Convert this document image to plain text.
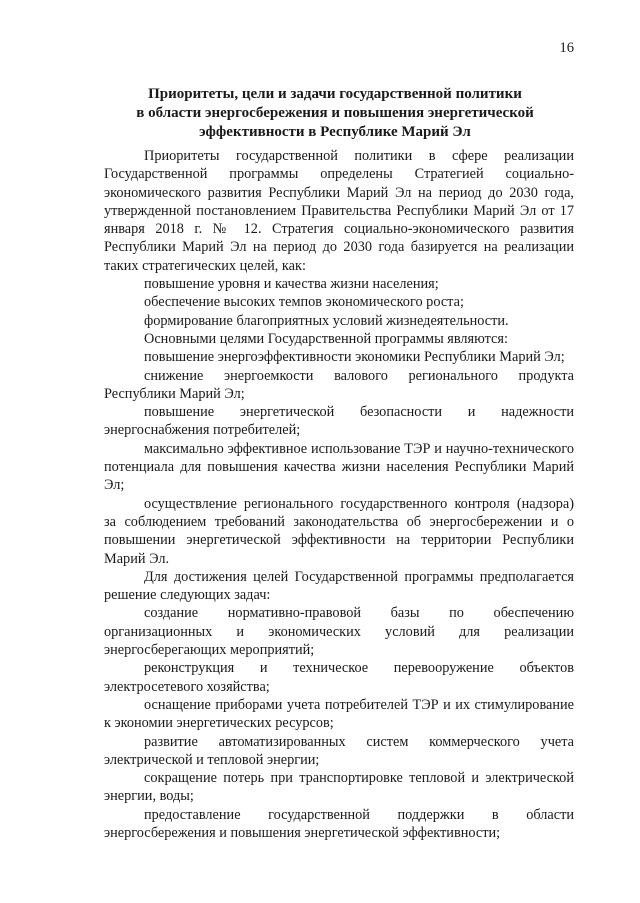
16
Приоритеты, цели и задачи государственной политики
в области энергосбережения и повышения энергетической
эффективности в Республике Марий Эл

Приоритеты государственной политики в сфере реализации Государственной программы определены Стратегией социально-экономического развития Республики Марий Эл на период до 2030 года, утвержденной постановлением Правительства Республики Марий Эл от 17 января 2018 г. № 12. Стратегия социально-экономического развития Республики Марий Эл на период до 2030 года базируется на реализации таких стратегических целей, как:

повышение уровня и качества жизни населения;

обеспечение высоких темпов экономического роста;

формирование благоприятных условий жизнедеятельности.

Основными целями Государственной программы являются:

повышение энергоэффективности экономики Республики Марий Эл;

снижение энергоемкости валового регионального продукта Республики Марий Эл;

повышение энергетической безопасности и надежности энергоснабжения потребителей;

максимально эффективное использование ТЭР и научно-технического потенциала для повышения качества жизни населения Республики Марий Эл;

осуществление регионального государственного контроля (надзора) за соблюдением требований законодательства об энергосбережении и о повышении энергетической эффективности на территории Республики Марий Эл.

Для достижения целей Государственной программы предполагается решение следующих задач:

создание нормативно-правовой базы по обеспечению организационных и экономических условий для реализации энергосберегающих мероприятий;

реконструкция и техническое перевооружение объектов электросетевого хозяйства;

оснащение приборами учета потребителей ТЭР и их стимулирование к экономии энергетических ресурсов;

развитие автоматизированных систем коммерческого учета электрической и тепловой энергии;

сокращение потерь при транспортировке тепловой и электрической энергии, воды;

предоставление государственной поддержки в области энергосбережения и повышения энергетической эффективности;
